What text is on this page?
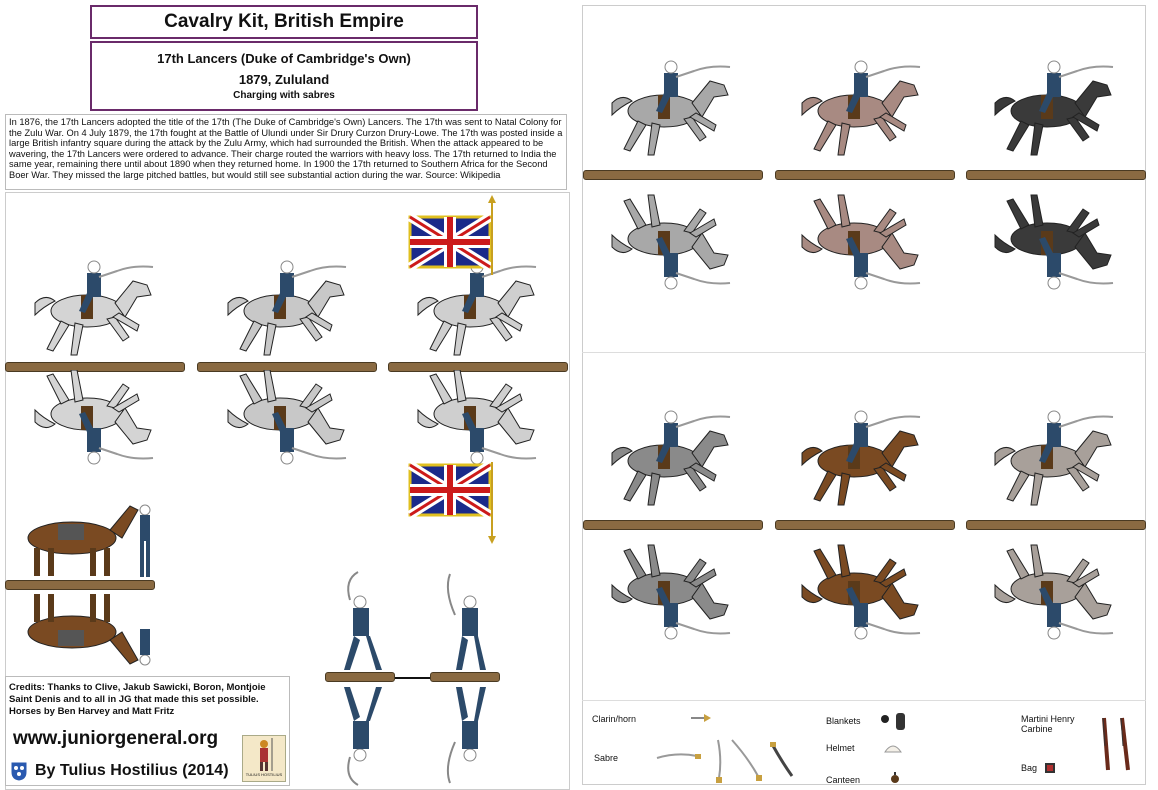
Cavalry Kit, British Empire
17th Lancers (Duke of Cambridge's Own)
1879, Zululand
Charging with sabres
In 1876, the 17th Lancers adopted the title of the 17th (The Duke of Cambridge's Own) Lancers. The 17th was sent to Natal Colony for the Zulu War. On 4 July 1879, the 17th fought at the Battle of Ulundi under Sir Drury Curzon Drury-Lowe. The 17th was posted inside a large British infantry square during the attack by the Zulu Army, which had surrounded the British. When the attack appeared to be wavering, the 17th Lancers were ordered to advance. Their charge routed the warriors with heavy loss. The 17th returned to India the same year, remaining there until about 1890 when they returned home. In 1900 the 17th returned to Southern Africa for the Second Boer War. They missed the large pitched battles, but would still see substantial action during the war. Source: Wikipedia
Credits: Thanks to Clive, Jakub Sawicki, Boron, Montjoie
Saint Denis and to all in JG that made this set possible.
Horses by Ben Harvey and Matt Fritz
www.juniorgeneral.org
By Tulius Hostilius (2014)	TULIUS HOSTILIUS
Clarin/horn
Sabre
Blankets
Helmet
Canteen
Martini Henry Carbine
Bag
